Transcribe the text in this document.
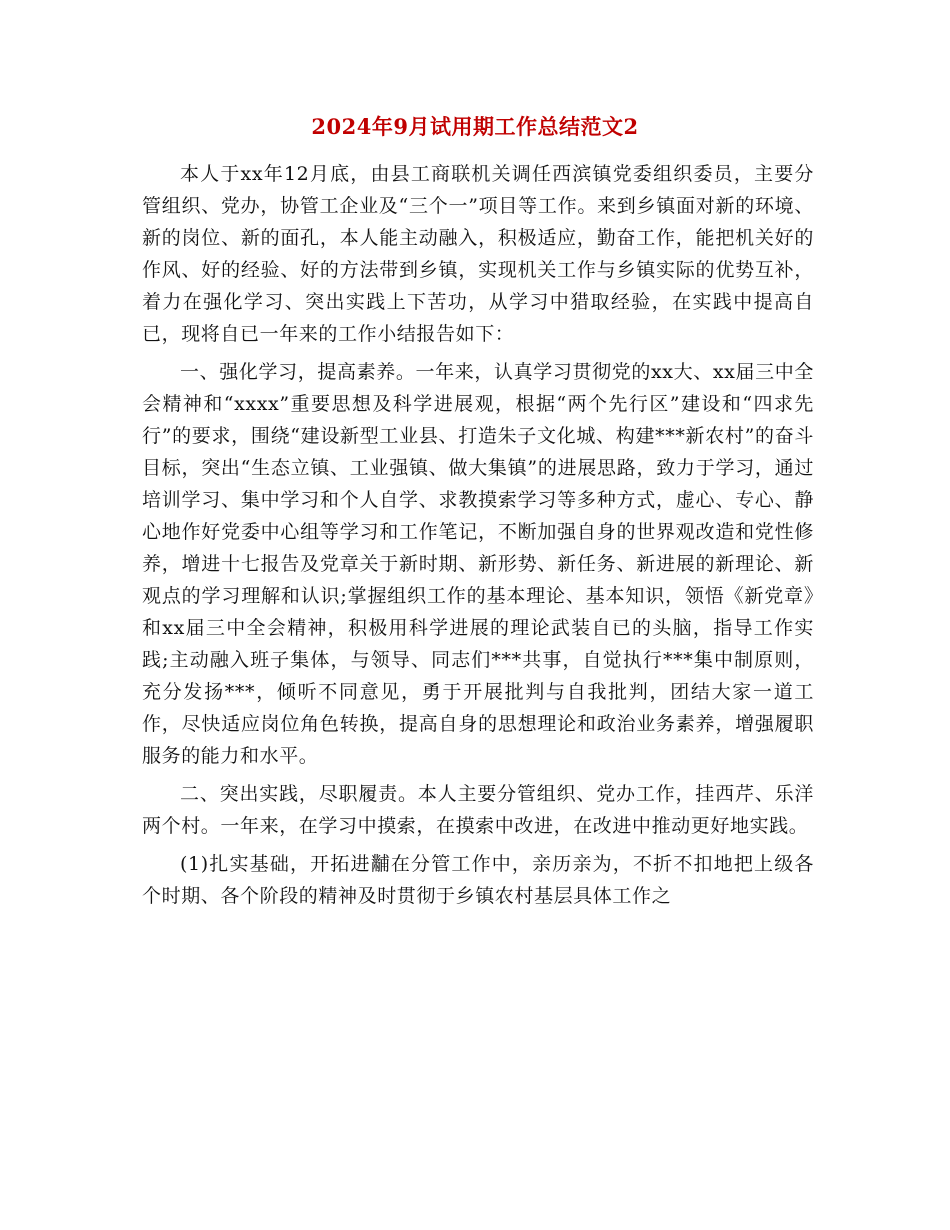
2024年9月试用期工作总结范文2

本人于xx年12月底，由县工商联机关调任西滨镇党委组织委员，主要分管组织、党办，协管工企业及“三个一”项目等工作。来到乡镇面对新的环境、新的岗位、新的面孔，本人能主动融入，积极适应，勤奋工作，能把机关好的作风、好的经验、好的方法带到乡镇，实现机关工作与乡镇实际的优势互补，着力在强化学习、突出实践上下苦功，从学习中猎取经验，在实践中提高自已，现将自已一年来的工作小结报告如下：

一、强化学习，提高素养。一年来，认真学习贯彻党的xx大、xx届三中全会精神和“xxxx”重要思想及科学进展观，根据“两个先行区”建设和“四求先行”的要求，围绕“建设新型工业县、打造朱子文化城、构建***新农村”的奋斗目标，突出“生态立镇、工业强镇、做大集镇”的进展思路，致力于学习，通过培训学习、集中学习和个人自学、求教摸索学习等多种方式，虚心、专心、静心地作好党委中心组等学习和工作笔记，不断加强自身的世界观改造和党性修养，增进十七报告及党章关于新时期、新形势、新任务、新进展的新理论、新观点的学习理解和认识;掌握组织工作的基本理论、基本知识，领悟《新党章》和xx届三中全会精神，积极用科学进展的理论武装自已的头脑，指导工作实践;主动融入班子集体，与领导、同志们***共事，自觉执行***集中制原则，充分发扬***，倾听不同意见，勇于开展批判与自我批判，团结大家一道工作，尽快适应岗位角色转换，提高自身的思想理论和政治业务素养，增强履职服务的能力和水平。

二、突出实践，尽职履责。本人主要分管组织、党办工作，挂西芹、乐洋两个村。一年来，在学习中摸索，在摸索中改进，在改进中推动更好地实践。

(1)扎实基础，开拓进黼在分管工作中，亲历亲为，不折不扣地把上级各个时期、各个阶段的精神及时贯彻于乡镇农村基层具体工作之
